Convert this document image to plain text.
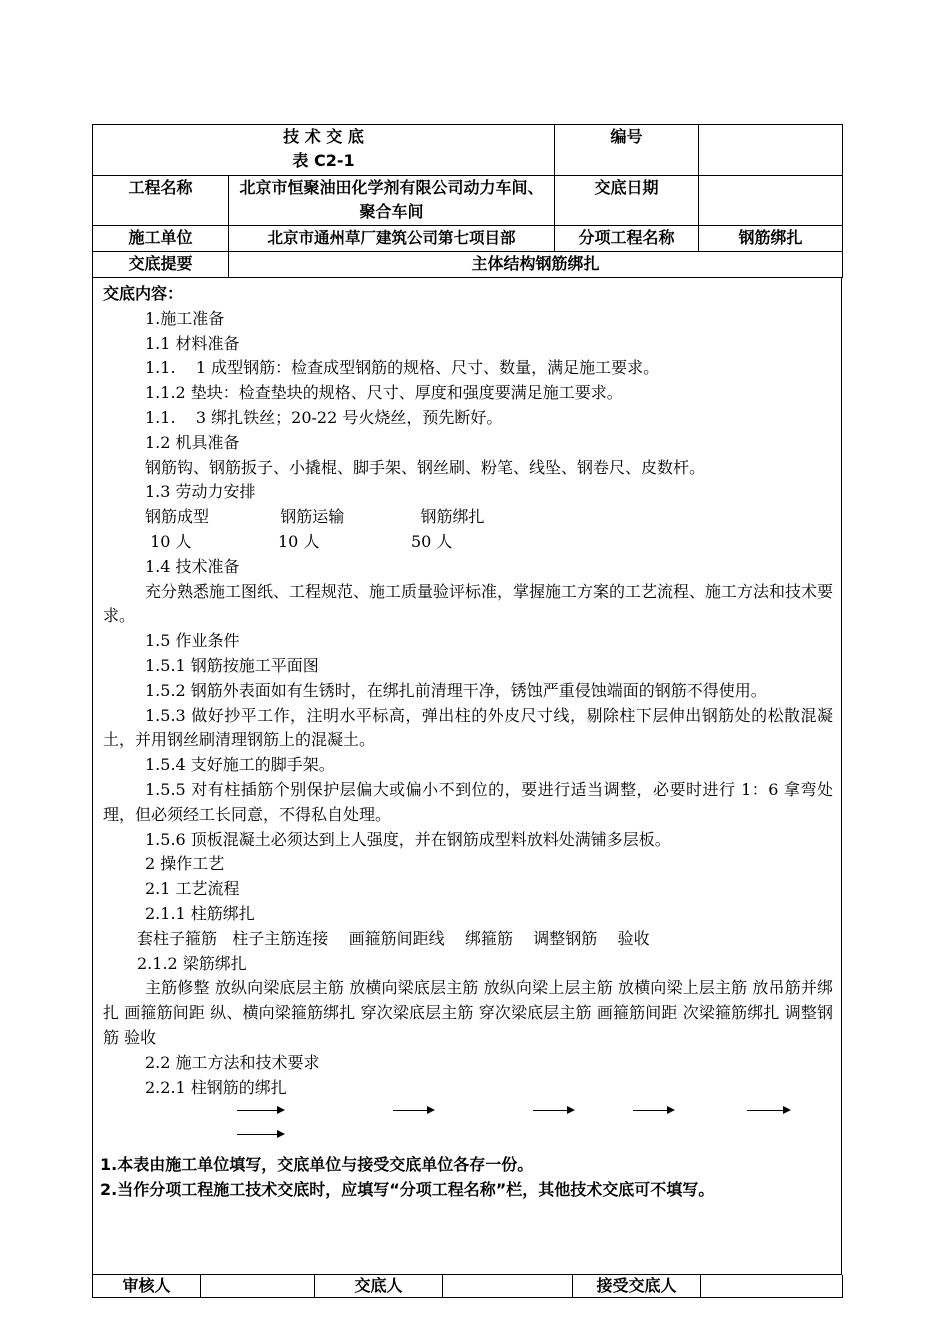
技 术 交 底
表 C2-1		编号	
工程名称	北京市恒聚油田化学剂有限公司动力车间、聚合车间	交底日期	
施工单位	北京市通州草厂建筑公司第七项目部	分项工程名称	钢筋绑扎
交底提要	主体结构钢筋绑扎		
交底内容：
1.施工准备
1.1 材料准备
1.1.    1 成型钢筋：检查成型钢筋的规格、尺寸、数量，满足施工要求。
1.1.2 垫块：检查垫块的规格、尺寸、厚度和强度要满足施工要求。
1.1.    3 绑扎铁丝；20-22 号火烧丝，预先断好。
1.2 机具准备
钢筋钩、钢筋扳子、小撬棍、脚手架、钢丝刷、粉笔、线坠、钢卷尺、皮数杆。
1.3 劳动力安排
钢筋成型              钢筋运输               钢筋绑扎
10 人                 10 人                  50 人
1.4 技术准备
充分熟悉施工图纸、工程规范、施工质量验评标准，掌握施工方案的工艺流程、施工方法和技术要求。
1.5 作业条件
1.5.1 钢筋按施工平面图
1.5.2 钢筋外表面如有生锈时，在绑扎前清理干净，锈蚀严重侵蚀端面的钢筋不得使用。
1.5.3 做好抄平工作，注明水平标高，弹出柱的外皮尺寸线，剔除柱下层伸出钢筋处的松散混凝土，并用钢丝刷清理钢筋上的混凝土。
1.5.4 支好施工的脚手架。
1.5.5 对有柱插筋个别保护层偏大或偏小不到位的，要进行适当调整，必要时进行 1：6 拿弯处理，但必须经工长同意，不得私自处理。
1.5.6 顶板混凝土必须达到上人强度，并在钢筋成型料放料处满铺多层板。
2 操作工艺
2.1 工艺流程
2.1.1 柱筋绑扎
套柱子箍筋   柱子主筋连接    画箍筋间距线    绑箍筋    调整钢筋    验收
2.1.2 梁筋绑扎
主筋修整 放纵向梁底层主筋 放横向梁底层主筋 放纵向梁上层主筋 放横向梁上层主筋 放吊筋并绑扎 画箍筋间距 纵、横向梁箍筋绑扎 穿次梁底层主筋 穿次梁底层主筋 画箍筋间距 次梁箍筋绑扎 调整钢筋 验收
2.2 施工方法和技术要求
2.2.1 柱钢筋的绑扎
审核人		交底人		接受交底人	
1.本表由施工单位填写，交底单位与接受交底单位各存一份。
2.当作分项工程施工技术交底时，应填写“分项工程名称”栏，其他技术交底可不填写。
